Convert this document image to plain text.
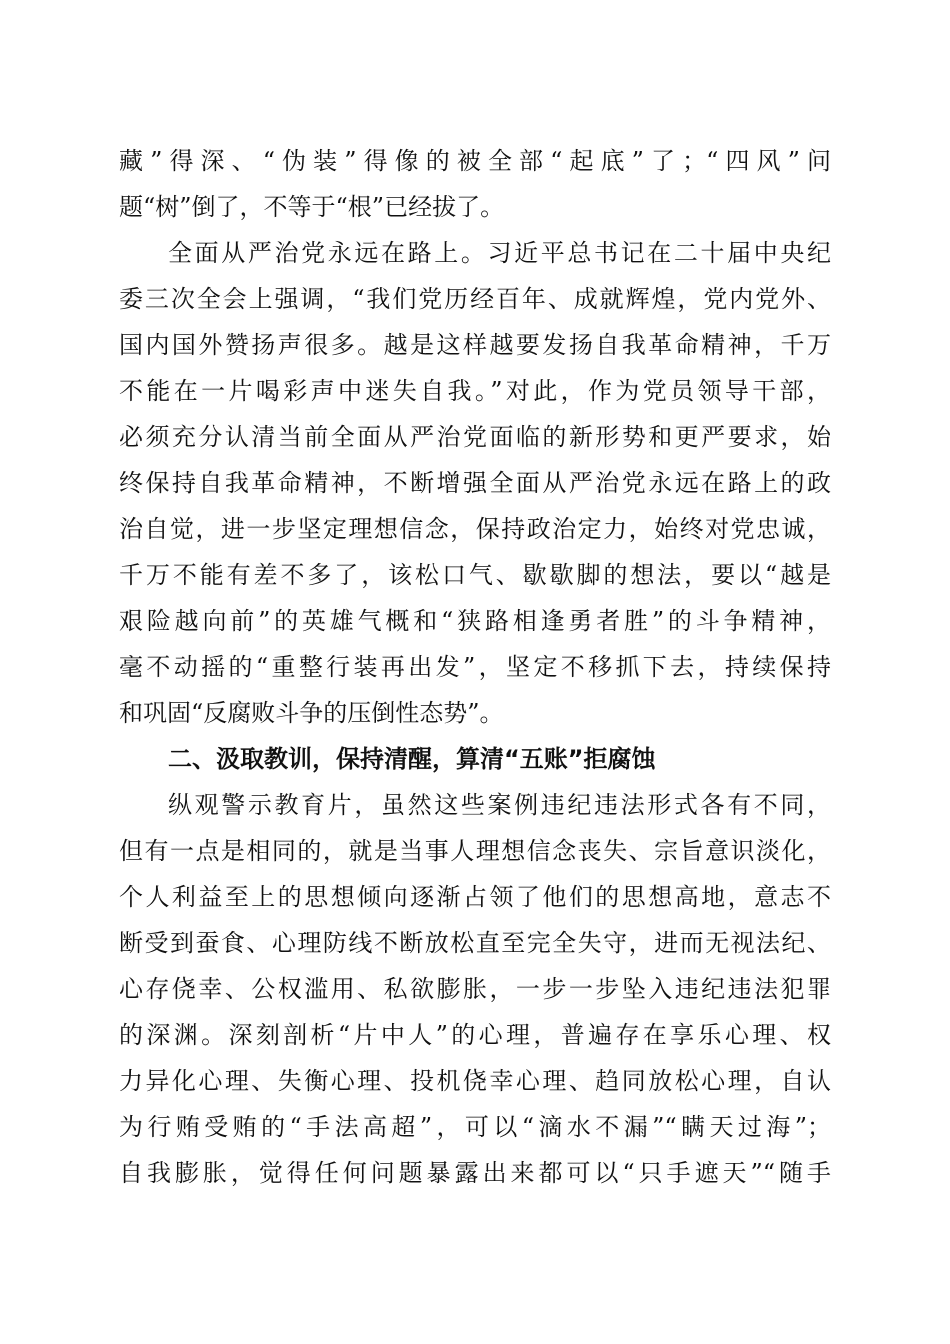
藏”得深、“伪装”得像的被全部“起底”了；“四风”问
题“树”倒了，不等于“根”已经拔了。
全面从严治党永远在路上。习近平总书记在二十届中央纪
委三次全会上强调，“我们党历经百年、成就辉煌，党内党外、
国内国外赞扬声很多。越是这样越要发扬自我革命精神，千万
不能在一片喝彩声中迷失自我。”对此，作为党员领导干部，
必须充分认清当前全面从严治党面临的新形势和更严要求，始
终保持自我革命精神，不断增强全面从严治党永远在路上的政
治自觉，进一步坚定理想信念，保持政治定力，始终对党忠诚，
千万不能有差不多了，该松口气、歇歇脚的想法，要以“越是
艰险越向前”的英雄气概和“狭路相逢勇者胜”的斗争精神，
毫不动摇的“重整行装再出发”，坚定不移抓下去，持续保持
和巩固“反腐败斗争的压倒性态势”。
二、汲取教训，保持清醒，算清“五账”拒腐蚀
纵观警示教育片，虽然这些案例违纪违法形式各有不同，
但有一点是相同的，就是当事人理想信念丧失、宗旨意识淡化，
个人利益至上的思想倾向逐渐占领了他们的思想高地，意志不
断受到蚕食、心理防线不断放松直至完全失守，进而无视法纪、
心存侥幸、公权滥用、私欲膨胀，一步一步坠入违纪违法犯罪
的深渊。深刻剖析“片中人”的心理，普遍存在享乐心理、权
力异化心理、失衡心理、投机侥幸心理、趋同放松心理，自认
为行贿受贿的“手法高超”，可以“滴水不漏”“瞒天过海”；
自我膨胀，觉得任何问题暴露出来都可以“只手遮天”“随手
